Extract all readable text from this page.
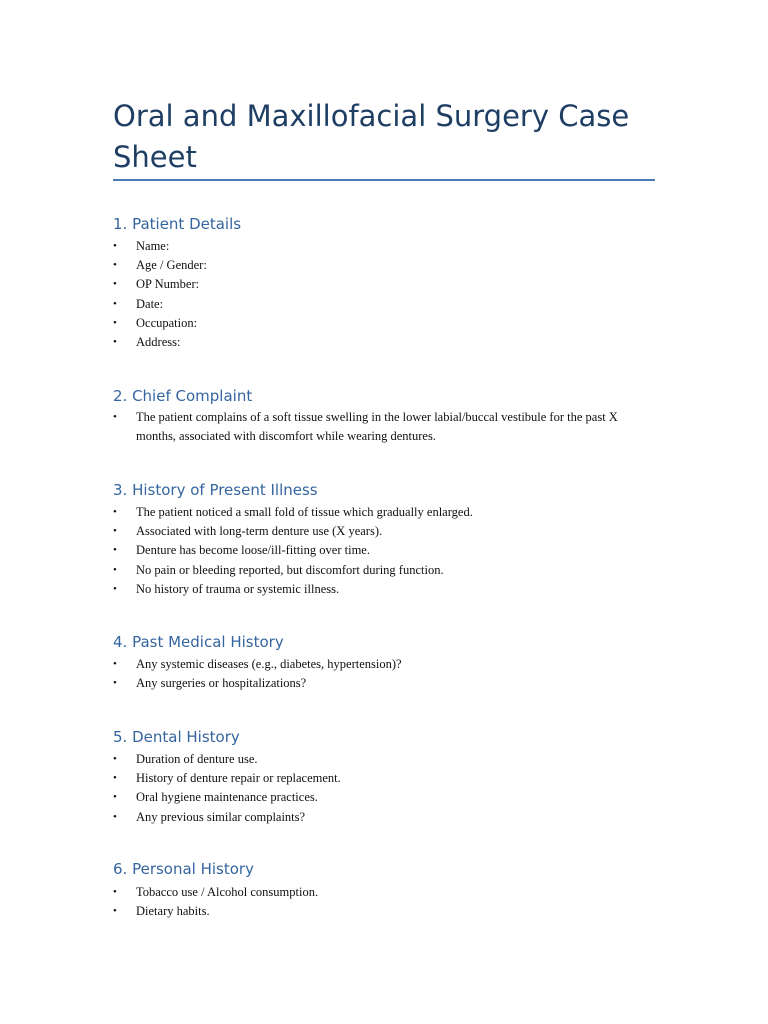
Oral and Maxillofacial Surgery Case Sheet
1. Patient Details
• Name:
• Age / Gender:
• OP Number:
• Date:
• Occupation:
• Address:
2. Chief Complaint
• The patient complains of a soft tissue swelling in the lower labial/buccal vestibule for the past X months, associated with discomfort while wearing dentures.
3. History of Present Illness
• The patient noticed a small fold of tissue which gradually enlarged.
• Associated with long-term denture use (X years).
• Denture has become loose/ill-fitting over time.
• No pain or bleeding reported, but discomfort during function.
• No history of trauma or systemic illness.
4. Past Medical History
• Any systemic diseases (e.g., diabetes, hypertension)?
• Any surgeries or hospitalizations?
5. Dental History
• Duration of denture use.
• History of denture repair or replacement.
• Oral hygiene maintenance practices.
• Any previous similar complaints?
6. Personal History
• Tobacco use / Alcohol consumption.
• Dietary habits.
